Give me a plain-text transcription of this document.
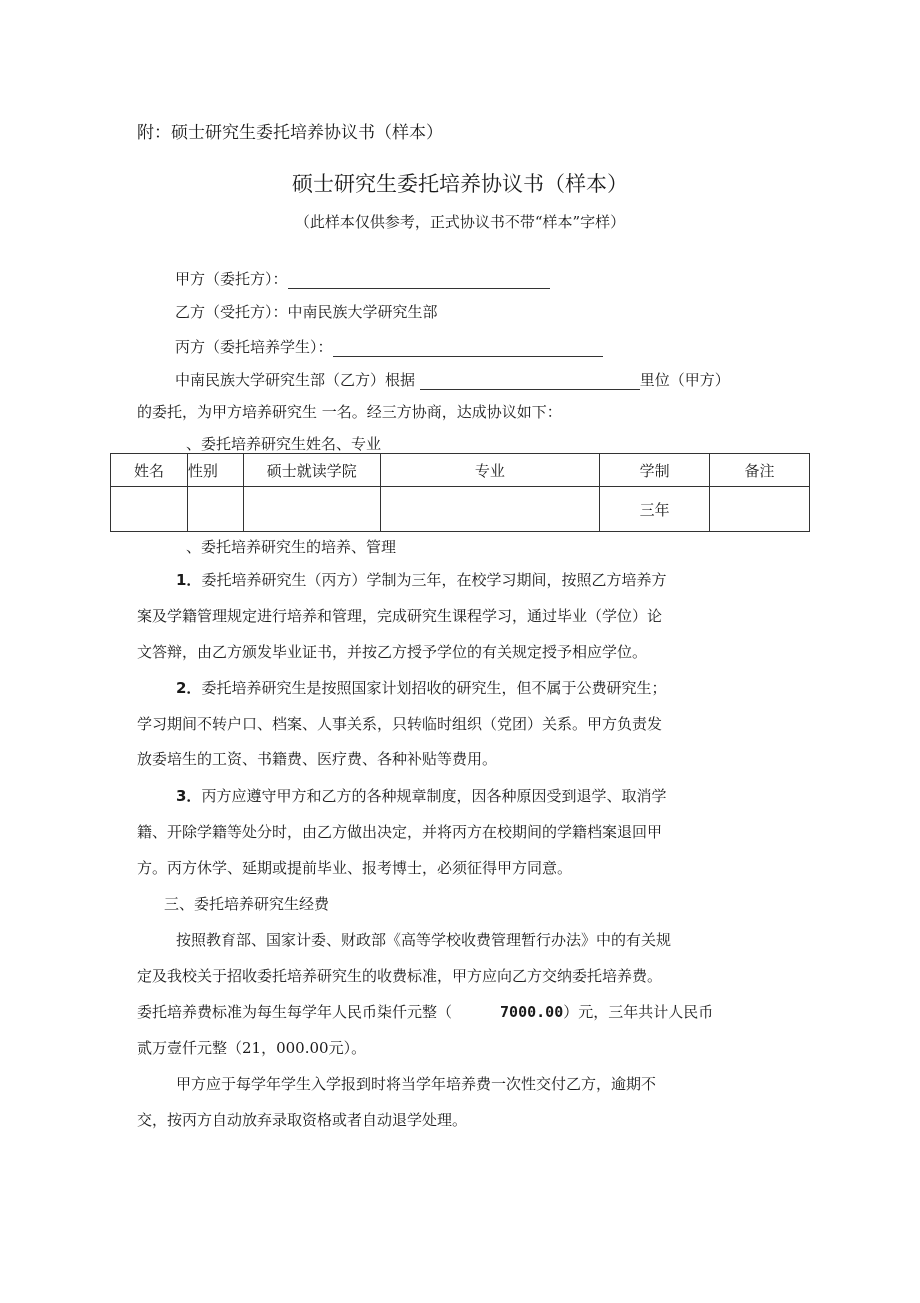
附：硕士研究生委托培养协议书（样本）
硕士研究生委托培养协议书（样本）
（此样本仅供参考，正式协议书不带“样本”字样）
甲方（委托方）：
乙方（受托方）：中南民族大学研究生部
丙方（委托培养学生）：
中南民族大学研究生部（乙方）根据	里位（甲方）
的委托，为甲方培养研究生 一名。经三方协商，达成协议如下：
、委托培养研究生姓名、专业
姓名	性别	硕士就读学院	专业	学制	备注
				三年	
、委托培养研究生的培养、管理
1．委托培养研究生（丙方）学制为三年，在校学习期间，按照乙方培养方
案及学籍管理规定进行培养和管理，完成研究生课程学习，通过毕业（学位）论
文答辩，由乙方颁发毕业证书，并按乙方授予学位的有关规定授予相应学位。
2．委托培养研究生是按照国家计划招收的研究生，但不属于公费研究生；
学习期间不转户口、档案、人事关系，只转临时组织（党团）关系。甲方负责发
放委培生的工资、书籍费、医疗费、各种补贴等费用。
3．丙方应遵守甲方和乙方的各种规章制度，因各种原因受到退学、取消学
籍、开除学籍等处分时，由乙方做出决定，并将丙方在校期间的学籍档案退回甲
方。丙方休学、延期或提前毕业、报考博士，必须征得甲方同意。
三、委托培养研究生经费
按照教育部、国家计委、财政部《高等学校收费管理暂行办法》中的有关规
定及我校关于招收委托培养研究生的收费标准，甲方应向乙方交纳委托培养费。
委托培养费标准为每生每学年人民币柒仟元整（	7000.00）元，三年共计人民币
贰万壹仟元整（21，000.00元）。
甲方应于每学年学生入学报到时将当学年培养费一次性交付乙方，逾期不
交，按丙方自动放弃录取资格或者自动退学处理。
